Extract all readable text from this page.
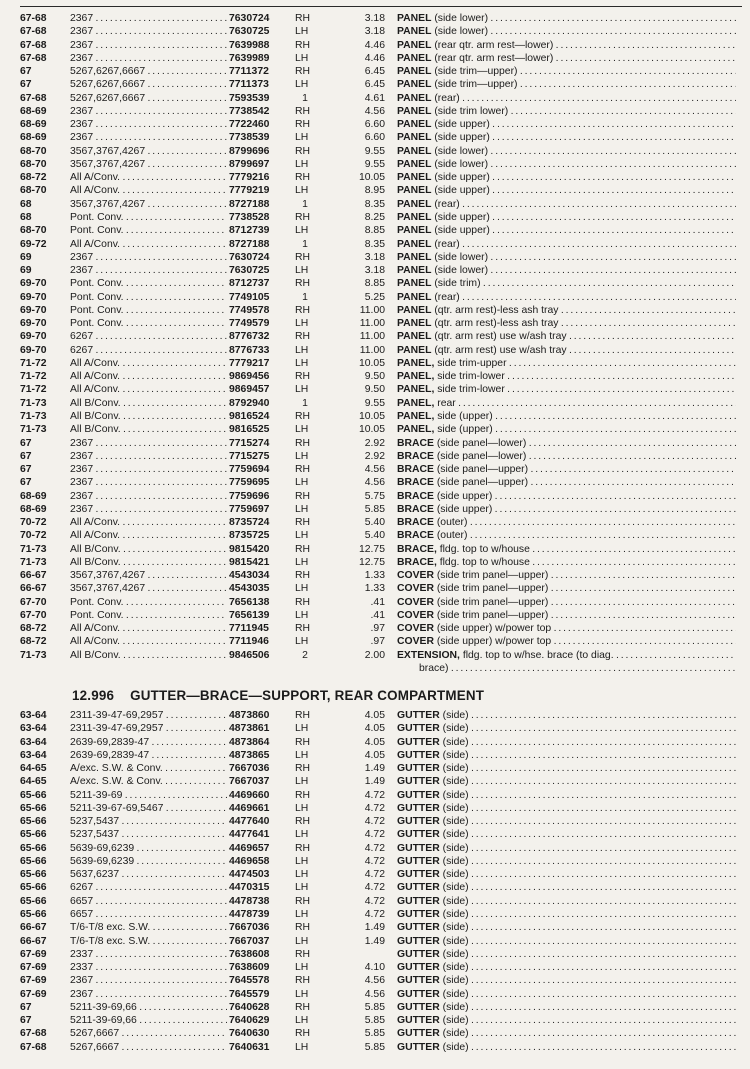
67-68	2367 . . .	7630724	RH	3.18 PANEL (side lower) . . .
67-68	2367 . . .	7630725	LH	3.18 PANEL (side lower) . . .
67-68	2367 . . .	7639988	RH	4.46 PANEL (rear qtr. arm rest—lower) . . .
67-68	2367 . . .	7639989	LH	4.46 PANEL (rear qtr. arm rest—lower) . . .
67	5267,6267,6667 . . .	7711372	RH	6.45 PANEL (side trim—upper) . . .
67	5267,6267,6667 . . .	7711373	LH	6.45 PANEL (side trim—upper) . . .
67-68	5267,6267,6667 . . .	7593539	1	4.61 PANEL (rear) . . .
68-69	2367 . . .	7738542	RH	4.56 PANEL (side trim lower) . . .
68-69	2367 . . .	7722460	RH	6.60 PANEL (side upper) . . .
68-69	2367 . . .	7738539	LH	6.60 PANEL (side upper) . . .
68-70	3567,3767,4267 . . .	8799696	RH	9.55 PANEL (side lower) . . .
68-70	3567,3767,4267 . . .	8799697	LH	9.55 PANEL (side lower) . . .
68-72	All A/Conv. . . .	7779216	RH	10.05 PANEL (side upper) . . .
68-70	All A/Conv. . . .	7779219	LH	8.95 PANEL (side upper) . . .
68	3567,3767,4267 . . .	8727188	1	8.35 PANEL (rear) . . .
68	Pont. Conv. . . .	7738528	RH	8.25 PANEL (side upper) . . .
68-70	Pont. Conv. . . .	8712739	LH	8.85 PANEL (side upper) . . .
69-72	All A/Conv. . . .	8727188	1	8.35 PANEL (rear) . . .
69	2367 . . .	7630724	RH	3.18 PANEL (side lower) . . .
69	2367 . . .	7630725	LH	3.18 PANEL (side lower) . . .
69-70	Pont. Conv. . . .	8712737	RH	8.85 PANEL (side trim) . . .
69-70	Pont. Conv. . . .	7749105	1	5.25 PANEL (rear) . . .
69-70	Pont. Conv. . . .	7749578	RH	11.00 PANEL (qtr. arm rest)-less ash tray . . .
69-70	Pont. Conv. . . .	7749579	LH	11.00 PANEL (qtr. arm rest)-less ash tray . . .
69-70	6267 . . .	8776732	RH	11.00 PANEL (qtr. arm rest) use w/ash tray . . .
69-70	6267 . . .	8776733	LH	11.00 PANEL (qtr. arm rest) use w/ash tray . . .
71-72	All A/Conv. . . .	7779217	LH	10.05 PANEL, side trim-upper . . .
71-72	All A/Conv. . . .	9869456	RH	9.50 PANEL, side trim-lower . . .
71-72	All A/Conv. . . .	9869457	LH	9.50 PANEL, side trim-lower . . .
71-73	All B/Conv. . . .	8792940	1	9.55 PANEL, rear . . .
71-73	All B/Conv. . . .	9816524	RH	10.05 PANEL, side (upper) . . .
71-73	All B/Conv. . . .	9816525	LH	10.05 PANEL, side (upper) . . .
67	2367 . . .	7715274	RH	2.92 BRACE (side panel—lower) . . .
67	2367 . . .	7715275	LH	2.92 BRACE (side panel—lower) . . .
67	2367 . . .	7759694	RH	4.56 BRACE (side panel—upper) . . .
67	2367 . . .	7759695	LH	4.56 BRACE (side panel—upper) . . .
68-69	2367 . . .	7759696	RH	5.75 BRACE (side upper) . . .
68-69	2367 . . .	7759697	LH	5.85 BRACE (side upper) . . .
70-72	All A/Conv. . . .	8735724	RH	5.40 BRACE (outer) . . .
70-72	All A/Conv. . . .	8735725	LH	5.40 BRACE (outer) . . .
71-73	All B/Conv. . . .	9815420	RH	12.75 BRACE, fldg. top to w/house . . .
71-73	All B/Conv. . . .	9815421	LH	12.75 BRACE, fldg. top to w/house . . .
66-67	3567,3767,4267 . . .	4543034	RH	1.33 COVER (side trim panel—upper) . . .
66-67	3567,3767,4267 . . .	4543035	LH	1.33 COVER (side trim panel—upper) . . .
67-70	Pont. Conv. . . .	7656138	RH	.41 COVER (side trim panel—upper) . . .
67-70	Pont. Conv. . . .	7656139	LH	.41 COVER (side trim panel—upper) . . .
68-72	All A/Conv. . . .	7711945	RH	.97 COVER (side upper) w/power top . . .
68-72	All A/Conv. . . .	7711946	LH	.97 COVER (side upper) w/power top . . .
71-73	All B/Conv. . . .	9846506	2	2.00 EXTENSION, fldg. top to w/hse. brace (to diag. . . .
brace) . . .
12.996 GUTTER—BRACE—SUPPORT, REAR COMPARTMENT
63-64	2311-39-47-69,2957 . . .	4873860	RH	4.05 GUTTER (side) . . .
63-64	2311-39-47-69,2957 . . .	4873861	LH	4.05 GUTTER (side) . . .
63-64	2639-69,2839-47 . . .	4873864	RH	4.05 GUTTER (side) . . .
63-64	2639-69,2839-47 . . .	4873865	LH	4.05 GUTTER (side) . . .
64-65	A/exc. S.W. & Conv. . . .	7667036	RH	1.49 GUTTER (side) . . .
64-65	A/exc. S.W. & Conv. . . .	7667037	LH	1.49 GUTTER (side) . . .
65-66	5211-39-69 . . .	4469660	RH	4.72 GUTTER (side) . . .
65-66	5211-39-67-69,5467 . . .	4469661	LH	4.72 GUTTER (side) . . .
65-66	5237,5437 . . .	4477640	RH	4.72 GUTTER (side) . . .
65-66	5237,5437 . . .	4477641	LH	4.72 GUTTER (side) . . .
65-66	5639-69,6239 . . .	4469657	RH	4.72 GUTTER (side) . . .
65-66	5639-69,6239 . . .	4469658	LH	4.72 GUTTER (side) . . .
65-66	5637,6237 . . .	4474503	LH	4.72 GUTTER (side) . . .
65-66	6267 . . .	4470315	LH	4.72 GUTTER (side) . . .
65-66	6657 . . .	4478738	RH	4.72 GUTTER (side) . . .
65-66	6657 . . .	4478739	LH	4.72 GUTTER (side) . . .
66-67	T/6-T/8 exc. S.W. . . .	7667036	RH	1.49 GUTTER (side) . . .
66-67	T/6-T/8 exc. S.W. . . .	7667037	LH	1.49 GUTTER (side) . . .
67-69	2337 . . .	7638608	RH	GUTTER (side) . . .
67-69	2337 . . .	7638609	LH	4.10 GUTTER (side) . . .
67-69	2367 . . .	7645578	RH	4.56 GUTTER (side) . . .
67-69	2367 . . .	7645579	LH	4.56 GUTTER (side) . . .
67	5211-39-69,66 . . .	7640628	RH	5.85 GUTTER (side) . . .
67	5211-39-69,66 . . .	7640629	LH	5.85 GUTTER (side) . . .
67-68	5267,6667 . . .	7640630	RH	5.85 GUTTER (side) . . .
67-68	5267,6667 . . .	7640631	LH	5.85 GUTTER (side) . . .
